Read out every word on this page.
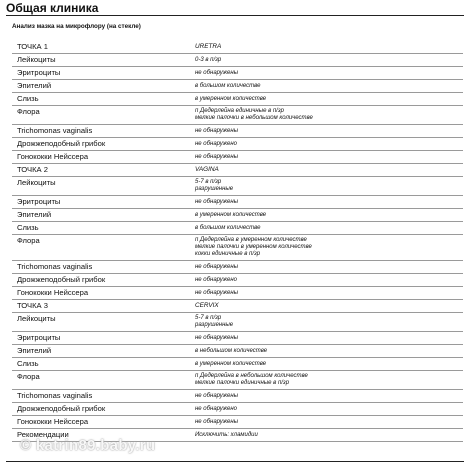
Общая клиника
Анализ мазка на микрофлору (на стекле)
ТОЧКА 1	URETRA

Лейкоциты	0-3 в п/зр

Эритроциты	не обнаружены

Эпителий	в большом количестве

Слизь	в умеренном количестве

Флора	п Дедерлейна единичные в п/зр
мелкие палочки в небольшом количестве

Trichomonas vaginalis	не обнаружены

Дрожжеподобный грибок	не обнаружено

Гонококки Нейссера	не обнаружены

ТОЧКА 2	VAGINA

Лейкоциты	5-7 в п/зр
разрушенные

Эритроциты	не обнаружены

Эпителий	в умеренном количестве

Слизь	в большом количестве

Флора	п Дедерлейна в умеренном количестве
мелкие палочки в умеренном количестве
кокки единичные в п/зр

Trichomonas vaginalis	не обнаружены

Дрожжеподобный грибок	не обнаружено

Гонококки Нейссера	не обнаружены

ТОЧКА 3	CERVIX

Лейкоциты	5-7 в п/зр
разрушенные

Эритроциты	не обнаружены

Эпителий	в небольшом количестве

Слизь	в умеренном количестве

Флора	п Дедерлейна в небольшом количестве
мелкие палочки единичные в п/зр

Trichomonas vaginalis	не обнаружены

Дрожжеподобный грибок	не обнаружено

Гонококки Нейссера	не обнаружены

Рекомендации	Исключить: хламидии
© katrin89.baby.ru
